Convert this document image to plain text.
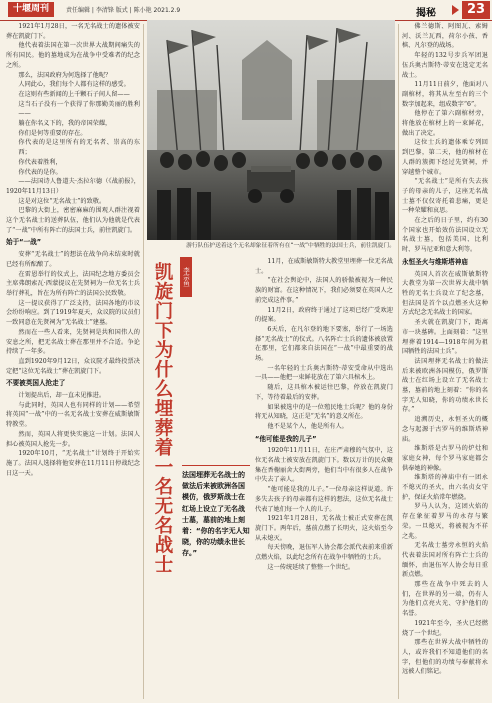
十堰周刊	责任编辑 | 李清锋 版式 | 陈小艳 2021.2.9	揭秘	23

1921年1月28日，一名无名战士的遗体被安葬在凯旋门下。

他代表着法国在第一次世界大战期间痛失的所有国民。他的墓地成为在战争中受难者的纪念之所。

那么，法国政府为何选择了他呢？

人同此心，我们每个人都有这样的感受。

在这则有些新闻的上千颗石子间人留——

这当石子没有一个获得了你那勤美丽的胜利——

躺在你名义下的，我的帝国荣耀，

你们是何等重要的存在。

你代表的是这里所有的无名者、崇高的东西；

你代表着胜利，

你代表的是你。

——法国诗人鲁道夫·杰拉尔德（《战前报》，1920年11月13日）

这是对这位“无名战士”的致敬。

巴黎的大街上，密密麻麻的围观人群注视着这个无名战士的送葬队伍，他们认为他就是代表了“一战”中所有阵亡的法国士兵，前往凯旋门。

始于“一战”

安葬“无名战士”的想法在战争尚未结束时就已经有所酝酿了。

在雷恩举行的仪式上，法国纪念地方委员会主席弗朗索瓦·西蒙提议在先贤祠为一位无名士兵举行葬礼，旨在为所有阵亡的法国公民致敬。

这一提议获得了广泛支持，法国各地的市议会纷纷响应。到了1919年夏天，众议院的议员们一致同意在先贤祠为“无名战士”建墓。

然而在一些人看来，先贤祠是共和国伟人的安息之所，把无名战士葬在那里并不合适。争论持续了一年多。

直到1920年9月12日，众议院才最终投票决定把“这位无名战士”葬在凯旋门下。

不要被英国人抢走了

计划提出后，却一直未见推进。

与此同时，英国人也有同样的计划——希望将英国“一战”中的一名无名战士安葬在威斯敏斯特教堂。

然而，英国人将更快实施这一计划。法国人担心被英国人抢先一步。

1920年10月，“无名战士”计划终于开始实施了。法国人选择将他安葬在11月11日停战纪念日这一天。

游行队伍护送着这个无名却象征着所有在“一战”中牺牲的法国士兵，前往凯旋门。
凯旋门下为什么埋葬着一名无名战士	李宗鱼

11月，在威斯敏斯特大教堂里埋葬一位无名战士。

“在社会舆论中，法国人的骄傲被视为一种民族的财富。在这种情况下，我们必须要在英国人之前完成这件事。”

11月2日，政府终于通过了这项已经广受欢迎的提案。

6天后，在凡尔登的地下要塞，举行了一场选择“无名战士”的仪式。八名阵亡士兵的遗体被放置在那里，它们都来自法国在“一战”中最重要的战场。

一名年轻的士兵奥古斯特·蒂安受命从中选出一具——他把一束鲜花放在了第六具棺木上。

随后，这具棺木被运往巴黎，停放在凯旋门下，等待着最后的安葬。

如果被选中的是一位殖民地士兵呢？他的身份将无从知晓，这正是“无名”的意义所在。

他不是某个人，他是所有人。

“他可能是我的儿子”

1920年11月11日，在庄严肃穆的气氛中，这位无名战士被安放在凯旋门下。数以万计的民众聚集在香榭丽舍大街两旁，他们当中有很多人在战争中失去了亲人。

“他可能是我的儿子。”一位母亲这样说道。许多失去孩子的母亲都有这样的想法，这位无名战士代表了她们每一个人的儿子。

1921年1月28日，无名战士被正式安葬在凯旋门下。两年后，墓前点燃了长明火，这火焰至今从未熄灭。

每天傍晚，退伍军人协会都会派代表前来重新点燃火焰，以此纪念所有在战争中牺牲的士兵。

这一传统延续了整整一个世纪。

法国埋葬无名战士的做法后来被欧洲各国模仿，俄罗斯战士在红场上设立了无名战士墓，墓前的地上刻着：“你的名字无人知晓，你的功绩永世长存。”

佛兰德斯、阿图瓦、索姆河、沃兰瓦西，荷尔小孩、香槟、凡尔登的战场。

年轻的132号步兵军团退伍兵奥古斯特·蒂安在选定无名战士。

11月11日前夕，他面对八副棺材，将其从左至右的三个数字加起来，组成数字“6”。

他停在了第六副棺材旁，将他放在棺材上的一束鲜花，做出了决定。

这位士兵的遗体乘专列回到巴黎，第二天，他的棺材在人群的簇拥下经过先贤祠，并穿越整个城市。

“无名战士”是所有失去孩子的母亲的儿子，这座无名战士墓不仅仅寄托着悲痛，更是一种荣耀和哀思。

在之后的日子里，约有30个国家也开始效仿法国设立无名战士墓，包括美国、比利时、罗马尼亚和意大利等。

永恒圣火与维斯塔神庙

英国人首次在威斯敏斯特大教堂为第一次世界大战中牺牲的无名士兵设立了纪念墓，但法国是首个以点燃圣火这种方式纪念无名战士的国家。

圣火就在凯旋门下，距离市一块墓碑。上面刻着：“这里埋葬着1914—1918年间为祖国牺牲的法国士兵”。

法国埋葬无名战士的做法后来被欧洲各国模仿，俄罗斯战士在红场上设立了无名战士墓，墓前的地上刻着：“你的名字无人知晓，你的功绩永世长存。”

追溯历史，永恒圣火的概念与起源于古罗马的维斯塔神庙。

维斯塔是古罗马的炉灶和家庭女神，每个罗马家庭都会供奉她的神像。

维斯塔的神庙中有一团永不熄灭的圣火，由六名贞女守护，保证火焰常年燃烧。

罗马人认为，这团火焰的存在象征着罗马的永存与繁荣。一旦熄灭，将被视为不祥之兆。

无名战士墓旁永恒的火焰代表着法国对所有阵亡士兵的缅怀，由退伍军人协会每日重新点燃。

那些在战争中死去的人们，在世界的另一端，仍有人为他们点亮火光、守护他们的名誉。

1921年至今，圣火已经燃烧了一个世纪。

那些在世界大战中牺牲的人，或许我们不知道他们的名字，但他们的功绩与奉献将永远被人们铭记。
